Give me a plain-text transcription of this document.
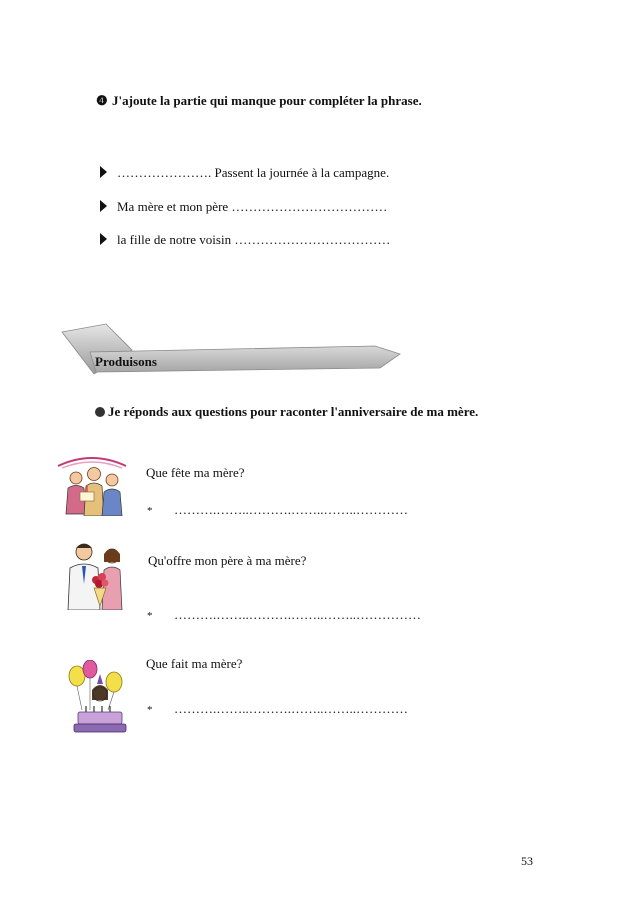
❹ J'ajoute la partie qui manque pour compléter la phrase.
…………………. Passent la journée à la campagne.
Ma mère et mon père ………………………………
la fille de notre voisin ………………………………
Produisons
Je réponds aux questions pour raconter l'anniversaire de ma mère.
Que fête ma mère?
* ……….……..……….……..……..…………
Qu'offre mon père à ma mère?
* ……….……..……….……..……..……………
Que fait ma mère?
* ……….……..……….……..……..…………
53
